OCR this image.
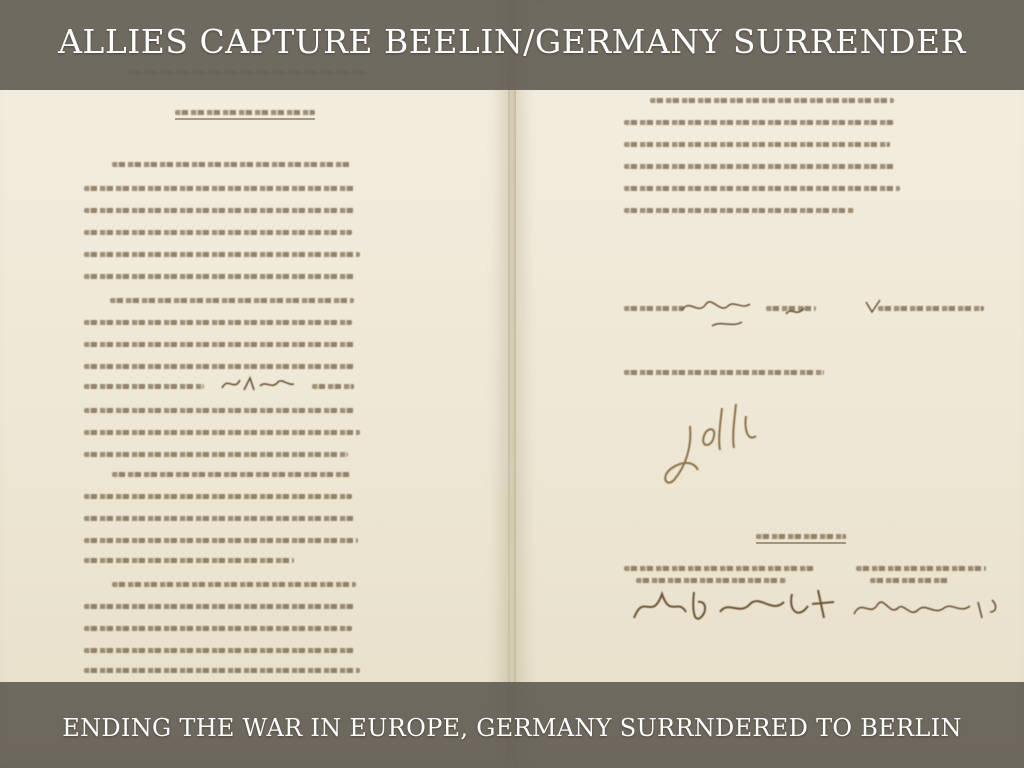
ALLIES CAPTURE BEELIN/GERMANY SURRENDER
ENDING THE WAR IN EUROPE, GERMANY SURRNDERED TO BERLIN
